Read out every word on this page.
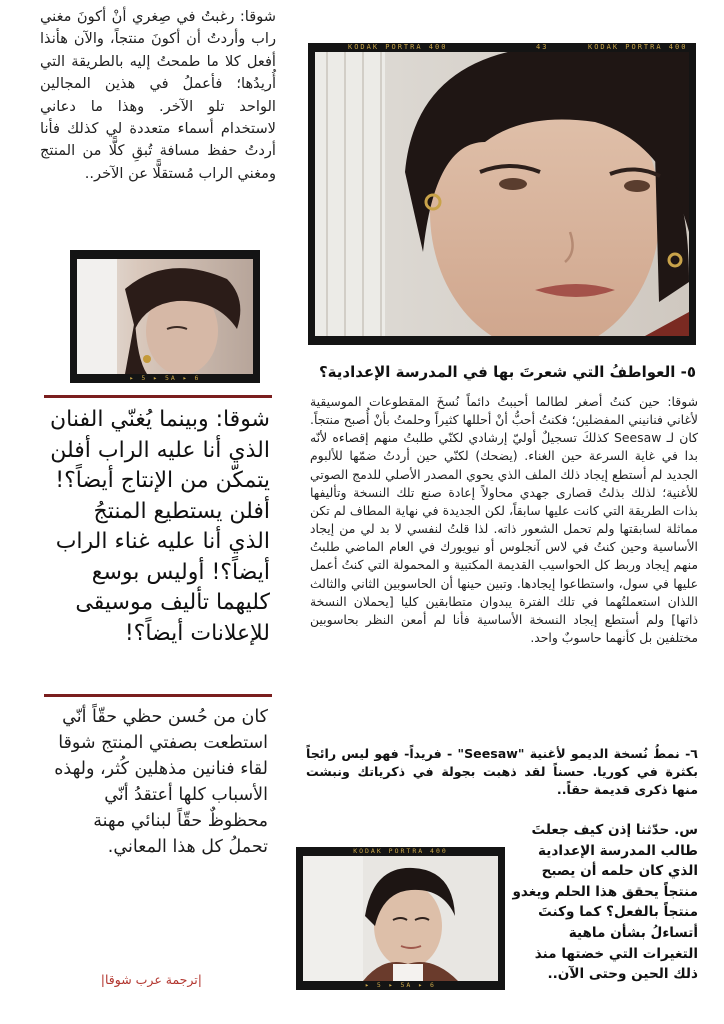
شوقا: رغبتُ في صِغري أنْ أكونَ مغني راب وأردتُ أن أكونَ منتجاً، والآن هأنذا أفعل كلا ما طمحتُ إليه بالطريقة التي أُريدُها؛ فأعملُ في هذين المجالين الواحد تلو الآخر. وهذا ما دعاني لاستخدام أسماء متعددة لي كذلك فأنا أردتُ حفظ مسافة تُبقِ كلًّا من المنتج ومغني الراب مُستقلًّا عن الآخر..
▸ 5 ▸ 5A ▸ 6
شوقا: وبينما يُغنّي الفنان الذي أنا عليه الراب أفلن يتمكّن من الإنتاج أيضاً؟! أفلن يستطيع المنتجُ الذي أنا عليه غناء الراب أيضاً؟! أوليس بوسع كليهما تأليف موسيقى للإعلانات أيضاً؟!
كان من حُسن حظي حقّاً أنّي استطعت بصفتي المنتج شوقا لقاء فنانين مذهلين كُثر، ولهذه الأسباب كلها أعتقدُ أنّي محظوظٌ حقّاً لبنائي مهنة تحملُ كل هذا المعاني.
|ترجمة عرب شوقا|
KODAK PORTRA 400	43	KODAK PORTRA 400
٥- العواطفُ التي شعرتَ بها في المدرسة الإعدادية؟
شوقا: حين كنتُ أصغر لطالما أحببتُ دائماً نُسخَ المقطوعات الموسيقية لأغاني فنانيني المفضلين؛ فكنتُ أحبُّ أنْ أحللها كثيراً وحلمتُ بأنْ أُصبح منتجاً. كان لـ Seesaw كذلكَ تسجيلٌ أوليّ إرشادي لكنّي طلبتُ منهم إقصاءه لأنّه بدا في غاية السرعة حين الغناء. (يضحك) لكنّي حين أردتُ ضمّها للألبوم الجديد لم أستطع إيجاد ذلك الملف الذي يحوي المصدر الأصلي للدمج الصوتي للأغنية؛ لذلك بذلتُ قصارى جهدي محاولاً إعادة صنع تلك النسخة وتأليفها بذات الطريقة التي كانت عليها سابقاً، لكن الجديدة في نهاية المطاف لم تكن مماثلة لسابقتها ولم تحمل الشعور ذاته. لذا قلتُ لنفسي لا بد لي من إيجاد الأساسية وحين كنتُ في لاس آنجلوس أو نيويورك في العام الماضي طلبتُ منهم إيجاد وربط كل الحواسيب القديمة المكتبية و المحمولة التي كنتُ أعمل عليها في سول، واستطاعوا إيجادها. وتبين حينها أن الحاسوبين الثاني والثالث اللذان استعملتُهما في تلك الفترة يبدوان متطابقين كليا [يحملان النسخة ذاتها] ولم أستطع إيجاد النسخة الأساسية فأنا لم أمعن النظر بحاسوبين مختلفين بل كأنهما حاسوبٌ واحد.
٦- نمطُ نُسخة الديمو لأغنية "Seesaw" - فريداً- فهو ليس رائجاً بكثرة في كوريا. حسناً لقد ذهبت بجولة في ذكرياتك ونبشت منها ذكرى قديمة حقاً..
س. حدّثنا إذن كيف جعلتَ طالب المدرسة الإعدادية الذي كان حلمه أن يصبح منتجاً يحقق هذا الحلم ويغدو منتجاً بالفعل؟ كما وكنتَ أتساءلُ بشأن ماهية التغيرات التي خضتها منذ ذلك الحين وحتى الآن..
KODAK PORTRA 400
▸ 5 ▸ 5A ▸ 6
